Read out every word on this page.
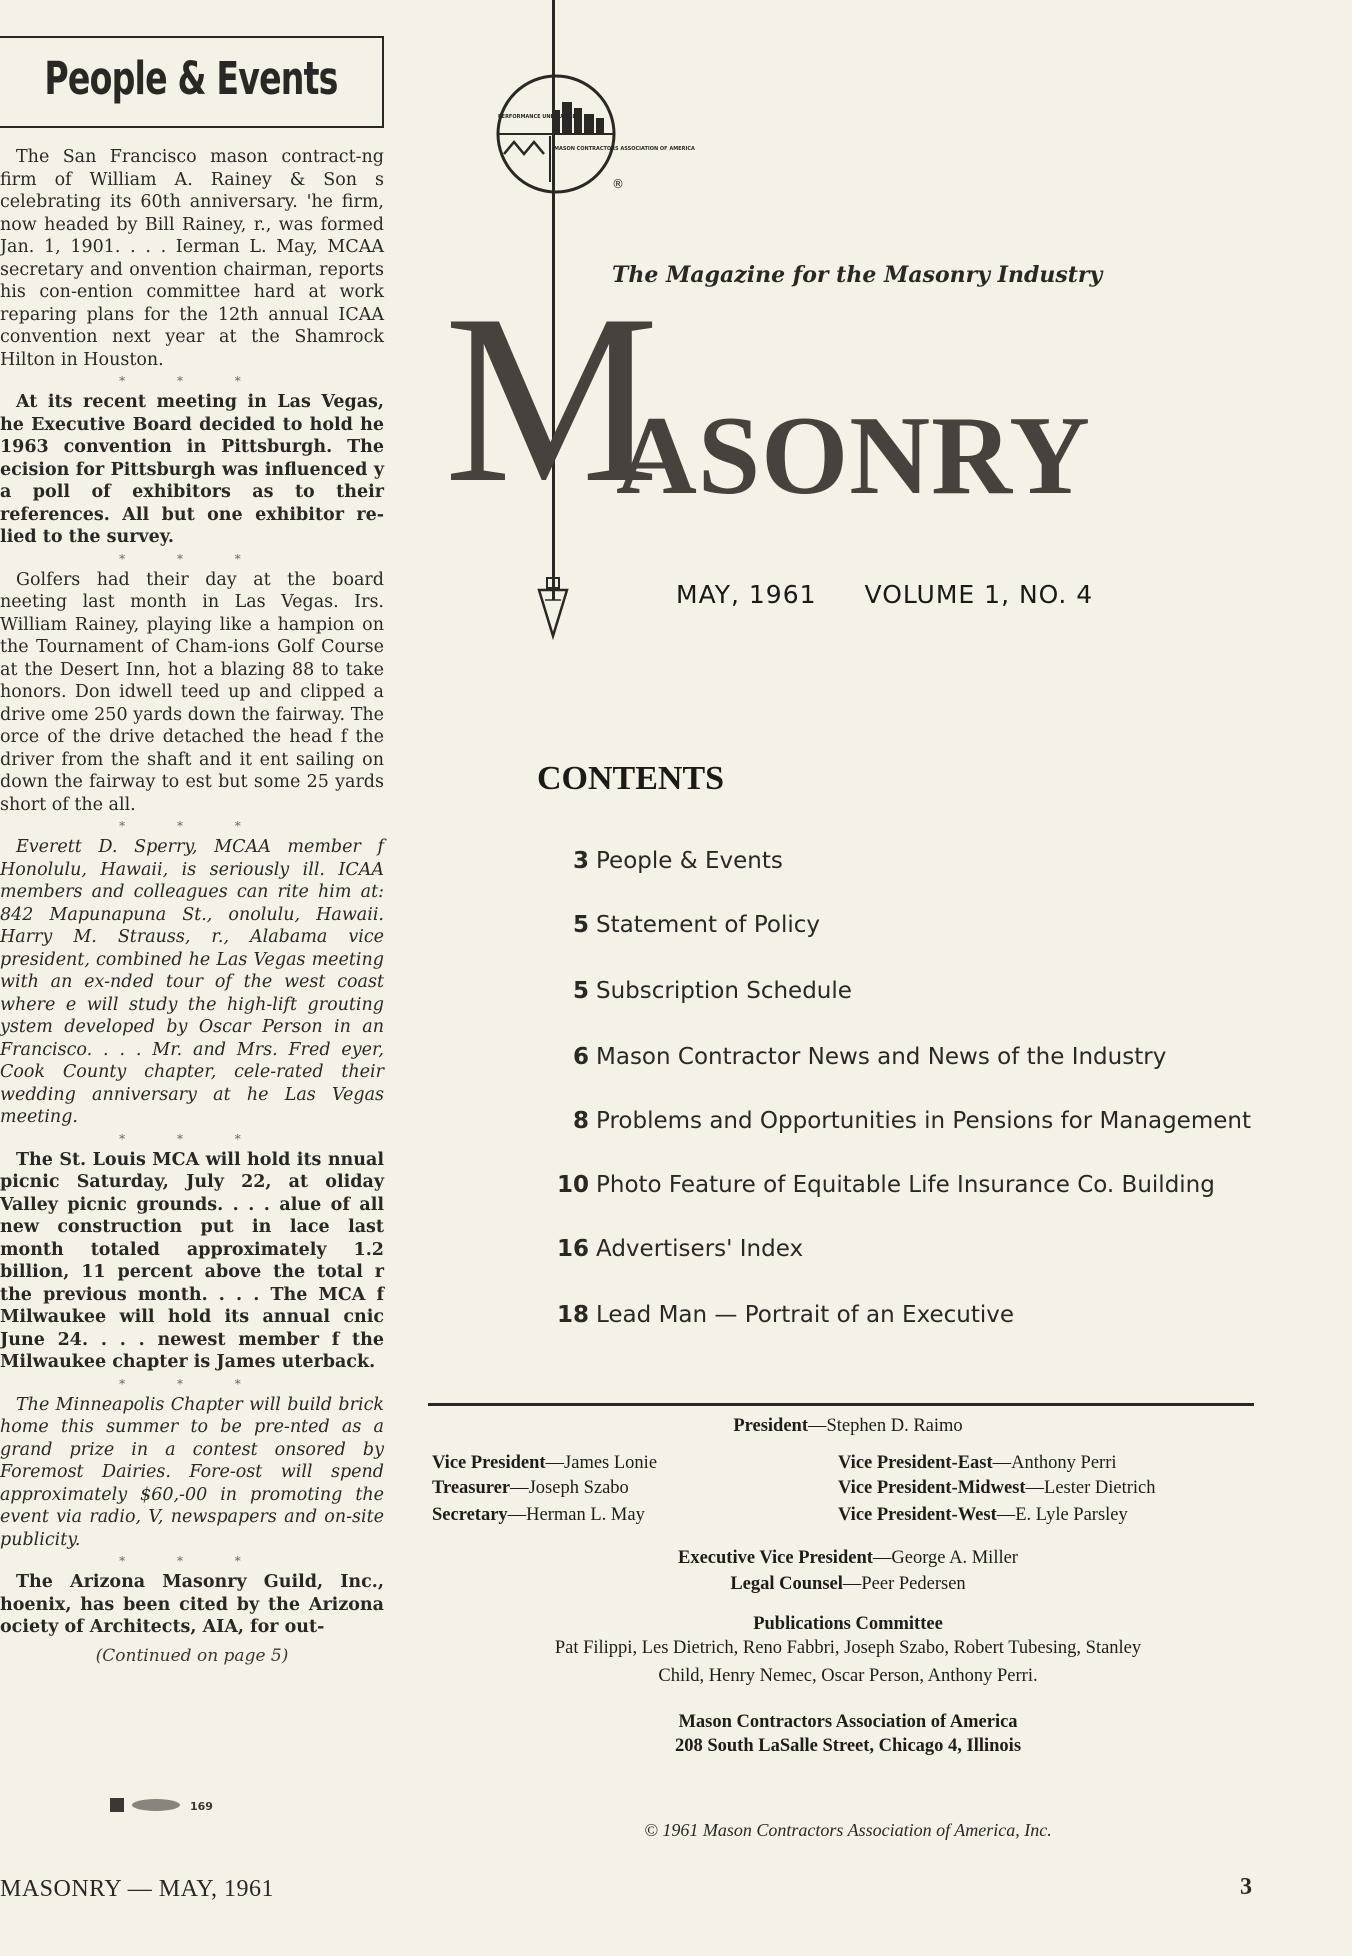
People & Events

The San Francisco mason contract-ng firm of William A. Rainey & Son s celebrating its 60th anniversary. 'he firm, now headed by Bill Rainey, r., was formed Jan. 1, 1901. . . . Ierman L. May, MCAA secretary and onvention chairman, reports his con-ention committee hard at work reparing plans for the 12th annual ICAA convention next year at the Shamrock Hilton in Houston.

* * *

At its recent meeting in Las Vegas, he Executive Board decided to hold he 1963 convention in Pittsburgh. The ecision for Pittsburgh was influenced y a poll of exhibitors as to their references. All but one exhibitor re-lied to the survey.

* * *

Golfers had their day at the board neeting last month in Las Vegas. Irs. William Rainey, playing like a hampion on the Tournament of Cham-ions Golf Course at the Desert Inn, hot a blazing 88 to take honors. Don idwell teed up and clipped a drive ome 250 yards down the fairway. The orce of the drive detached the head f the driver from the shaft and it ent sailing on down the fairway to est but some 25 yards short of the all.

* * *

Everett D. Sperry, MCAA member f Honolulu, Hawaii, is seriously ill. ICAA members and colleagues can rite him at: 842 Mapunapuna St., onolulu, Hawaii. Harry M. Strauss, r., Alabama vice president, combined he Las Vegas meeting with an ex-nded tour of the west coast where e will study the high-lift grouting ystem developed by Oscar Person in an Francisco. . . . Mr. and Mrs. Fred eyer, Cook County chapter, cele-rated their wedding anniversary at he Las Vegas meeting.

* * *

The St. Louis MCA will hold its nnual picnic Saturday, July 22, at oliday Valley picnic grounds. . . . alue of all new construction put in lace last month totaled approximately 1.2 billion, 11 percent above the total r the previous month. . . . The MCA f Milwaukee will hold its annual cnic June 24. . . . newest member f the Milwaukee chapter is James uterback.

* * *

The Minneapolis Chapter will build brick home this summer to be pre-nted as a grand prize in a contest onsored by Foremost Dairies. Fore-ost will spend approximately $60,-00 in promoting the event via radio, V, newspapers and on-site publicity.

* * *

The Arizona Masonry Guild, Inc., hoenix, has been cited by the Arizona ociety of Architects, AIA, for out-

(Continued on page 5)
169
PERFORMANCE UNEQUALLED
MASON CONTRACTORS ASSOCIATION OF AMERICA
®
The Magazine for the Masonry Industry
M
ASONRY
MAY, 1961 VOLUME 1, NO. 4
CONTENTS
3 People & Events
5 Statement of Policy
5 Subscription Schedule
6 Mason Contractor News and News of the Industry
8 Problems and Opportunities in Pensions for Management
10 Photo Feature of Equitable Life Insurance Co. Building
16 Advertisers' Index
18 Lead Man — Portrait of an Executive
President—Stephen D. Raimo
Vice President—James Lonie
Treasurer—Joseph Szabo
Secretary—Herman L. May
Vice President-East—Anthony Perri
Vice President-Midwest—Lester Dietrich
Vice President-West—E. Lyle Parsley
Executive Vice President—George A. Miller
Legal Counsel—Peer Pedersen
Publications Committee
Pat Filippi, Les Dietrich, Reno Fabbri, Joseph Szabo, Robert Tubesing, Stanley
Child, Henry Nemec, Oscar Person, Anthony Perri.
Mason Contractors Association of America
208 South LaSalle Street, Chicago 4, Illinois
© 1961 Mason Contractors Association of America, Inc.
MASONRY — MAY, 1961	3
